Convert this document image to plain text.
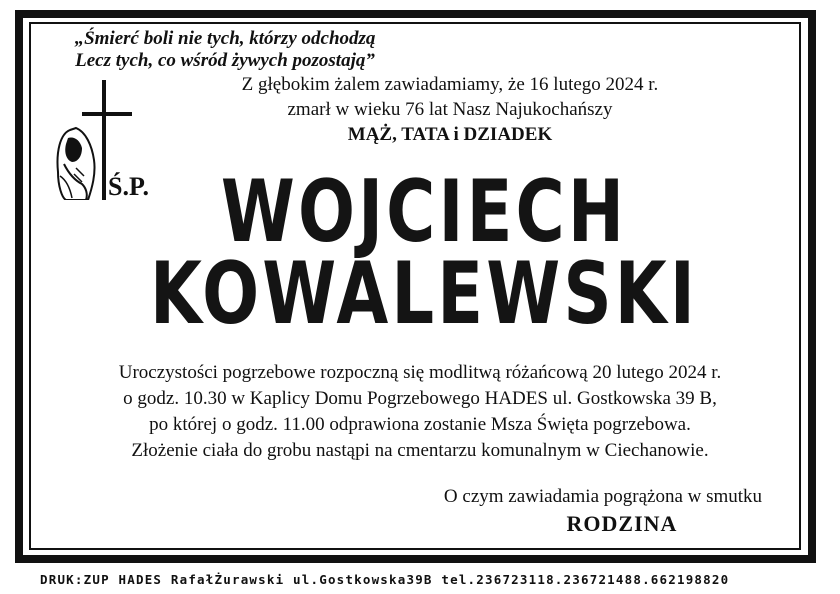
„Śmierć boli nie tych, którzy odchodzą
Lecz tych, co wśród żywych pozostają”
Ś.P.
Z głębokim żalem zawiadamiamy, że 16 lutego 2024 r.
zmarł w wieku 76 lat Nasz Najukochańszy
MĄŻ, TATA i DZIADEK
WOJCIECH
KOWALEWSKI

Uroczystości pogrzebowe rozpoczną się modlitwą różańcową 20 lutego 2024 r.

o godz. 10.30 w Kaplicy Domu Pogrzebowego HADES ul. Gostkowska 39 B,

po której o godz. 11.00 odprawiona zostanie Msza Święta pogrzebowa.

Złożenie ciała do grobu nastąpi na cmentarzu komunalnym w Ciechanowie.

O czym zawiadamia pogrążona w smutku
RODZINA
DRUK:ZUP HADES RafałŻurawski ul.Gostkowska39B tel.236723118.236721488.662198820
